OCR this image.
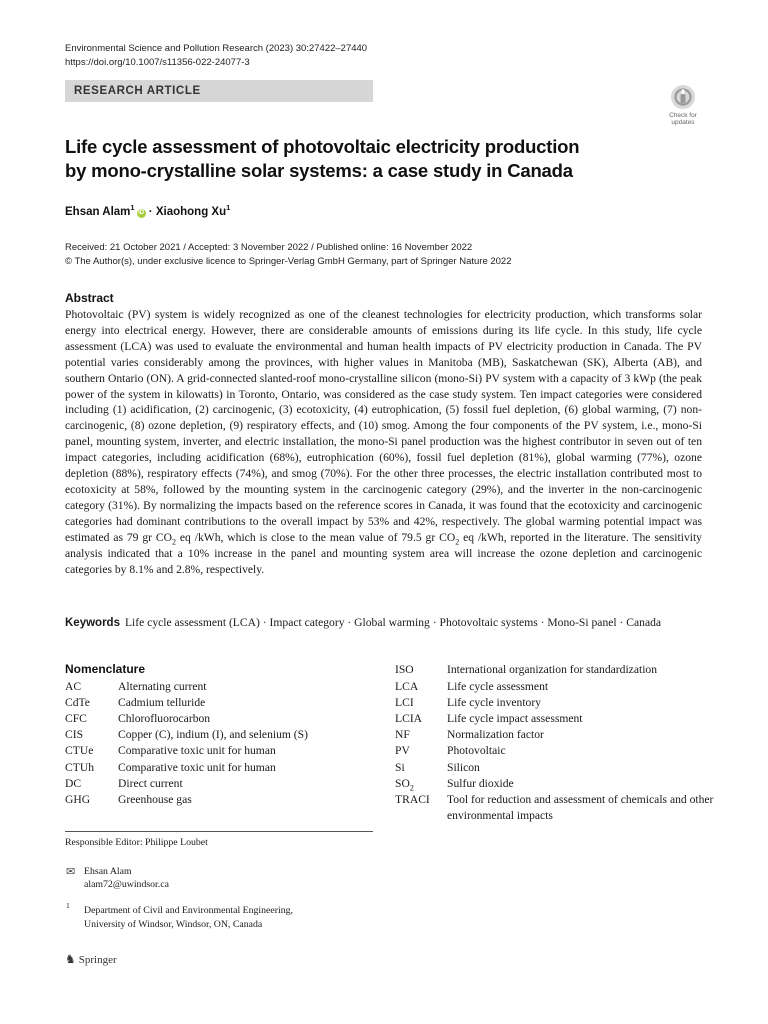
Environmental Science and Pollution Research (2023) 30:27422–27440
https://doi.org/10.1007/s11356-022-24077-3
RESEARCH ARTICLE
Check for
updates
Life cycle assessment of photovoltaic electricity production
by mono-crystalline solar systems: a case study in Canada
Ehsan Alam$^1$iD · Xiaohong Xu$^1$
Received: 21 October 2021 / Accepted: 3 November 2022 / Published online: 16 November 2022
© The Author(s), under exclusive licence to Springer-Verlag GmbH Germany, part of Springer Nature 2022
Abstract
Photovoltaic (PV) system is widely recognized as one of the cleanest technologies for electricity production, which transforms solar energy into electrical energy. However, there are considerable amounts of emissions during its life cycle. In this study, life cycle assessment (LCA) was used to evaluate the environmental and human health impacts of PV electricity production in Canada. The PV potential varies considerably among the provinces, with higher values in Manitoba (MB), Saskatchewan (SK), Alberta (AB), and southern Ontario (ON). A grid-connected slanted-roof mono-crystalline silicon (mono-Si) PV system with a capacity of 3 kWp (the peak power of the system in kilowatts) in Toronto, Ontario, was considered as the case study system. Ten impact categories were considered including (1) acidification, (2) carcinogenic, (3) ecotoxicity, (4) eutrophication, (5) fossil fuel depletion, (6) global warming, (7) non-carcinogenic, (8) ozone depletion, (9) respiratory effects, and (10) smog. Among the four components of the PV system, i.e., mono-Si panel, mounting system, inverter, and electric installation, the mono-Si panel production was the highest contributor in seven out of ten impact categories, including acidification (68%), eutrophication (60%), fossil fuel depletion (81%), global warming (77%), ozone depletion (88%), respiratory effects (74%), and smog (70%). For the other three processes, the electric installation contributed most to ecotoxicity at 58%, followed by the mounting system in the carcinogenic category (29%), and the inverter in the non-carcinogenic category (31%). By normalizing the impacts based on the reference scores in Canada, it was found that the ecotoxicity and carcinogenic categories had dominant contributions to the overall impact by 53% and 42%, respectively. The global warming potential impact was estimated as 79 gr $CO_2$ eq /kWh, which is close to the mean value of 79.5 gr $CO_2$ eq /kWh, reported in the literature. The sensitivity analysis indicated that a 10% increase in the panel and mounting system area will increase the ozone depletion and carcinogenic categories by 8.1% and 2.8%, respectively.
Keywords Life cycle assessment (LCA) · Impact category · Global warming · Photovoltaic systems · Mono-Si panel · Canada
Nomenclature
AC	Alternating current
CdTe Cadmium telluride
CFC	Chlorofluorocarbon
CIS	Copper (C), indium (I), and selenium (S)
CTUe Comparative toxic unit for human
CTUh Comparative toxic unit for human
DC	Direct current
GHG Greenhouse gas
ISO	International organization for standardization
LCA Life cycle assessment
LCI	Life cycle inventory
LCIA Life cycle impact assessment
NF	Normalization factor
PV	Photovoltaic
Si	Silicon
$SO_2$	Sulfur dioxide
TRACI Tool for reduction and assessment of chemicals and other environmental impacts
Responsible Editor: Philippe Loubet
✉ Ehsan Alam
alam72@uwindsor.ca
1 Department of Civil and Environmental Engineering,
University of Windsor, Windsor, ON, Canada
♞ Springer
